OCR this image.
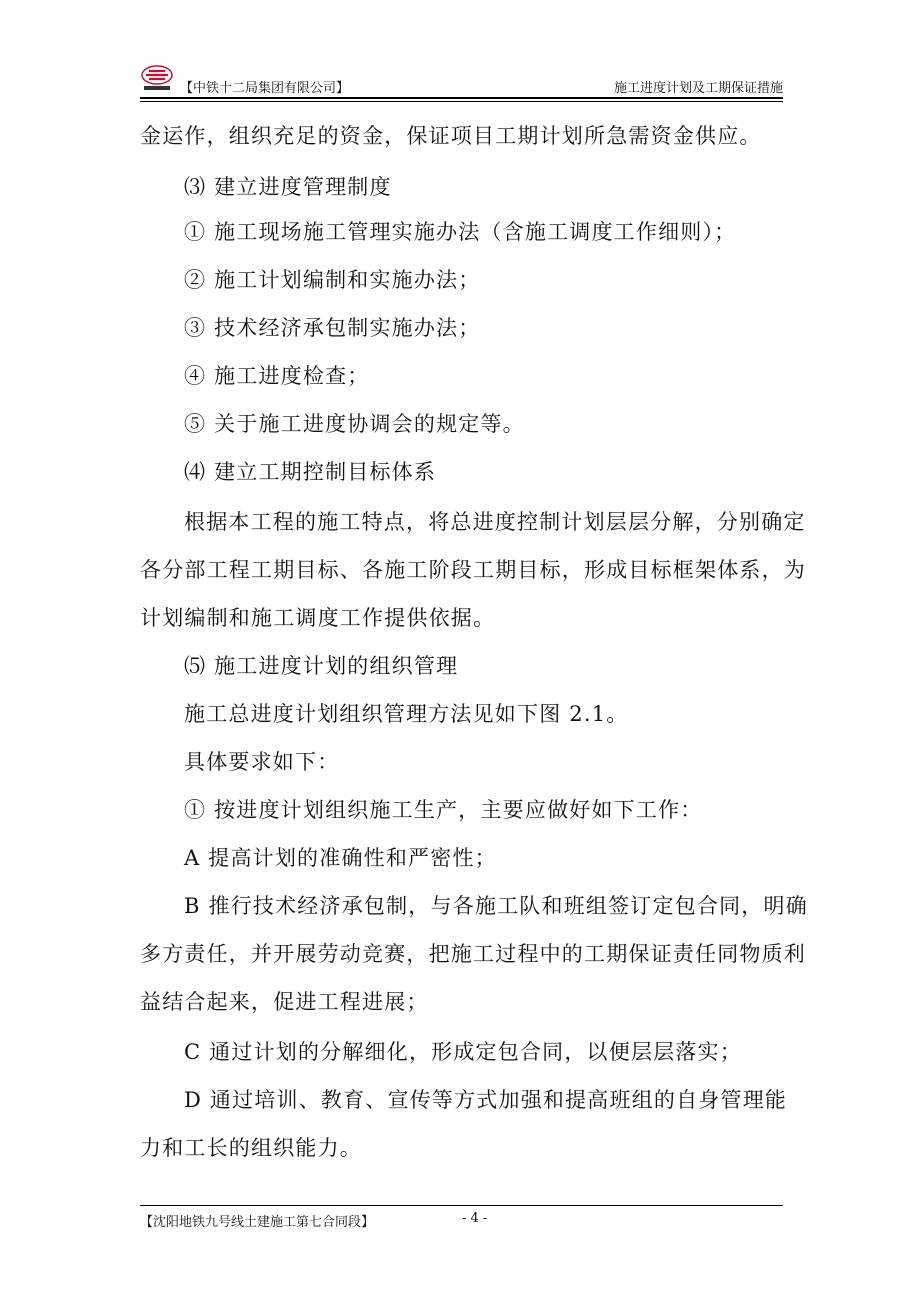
【中铁十二局集团有限公司】	施工进度计划及工期保证措施
金运作，组织充足的资金，保证项目工期计划所急需资金供应。
⑶ 建立进度管理制度
① 施工现场施工管理实施办法（含施工调度工作细则）；
② 施工计划编制和实施办法；
③ 技术经济承包制实施办法；
④ 施工进度检查；
⑤ 关于施工进度协调会的规定等。
⑷ 建立工期控制目标体系
根据本工程的施工特点，将总进度控制计划层层分解，分别确定
各分部工程工期目标、各施工阶段工期目标，形成目标框架体系，为
计划编制和施工调度工作提供依据。
⑸ 施工进度计划的组织管理
施工总进度计划组织管理方法见如下图 2.1。
具体要求如下：
① 按进度计划组织施工生产，主要应做好如下工作：
A 提高计划的准确性和严密性；
B 推行技术经济承包制，与各施工队和班组签订定包合同，明确
多方责任，并开展劳动竞赛，把施工过程中的工期保证责任同物质利
益结合起来，促进工程进展；
C 通过计划的分解细化，形成定包合同，以便层层落实；
D 通过培训、教育、宣传等方式加强和提高班组的自身管理能
力和工长的组织能力。
【沈阳地铁九号线土建施工第七合同段】	- 4 -
